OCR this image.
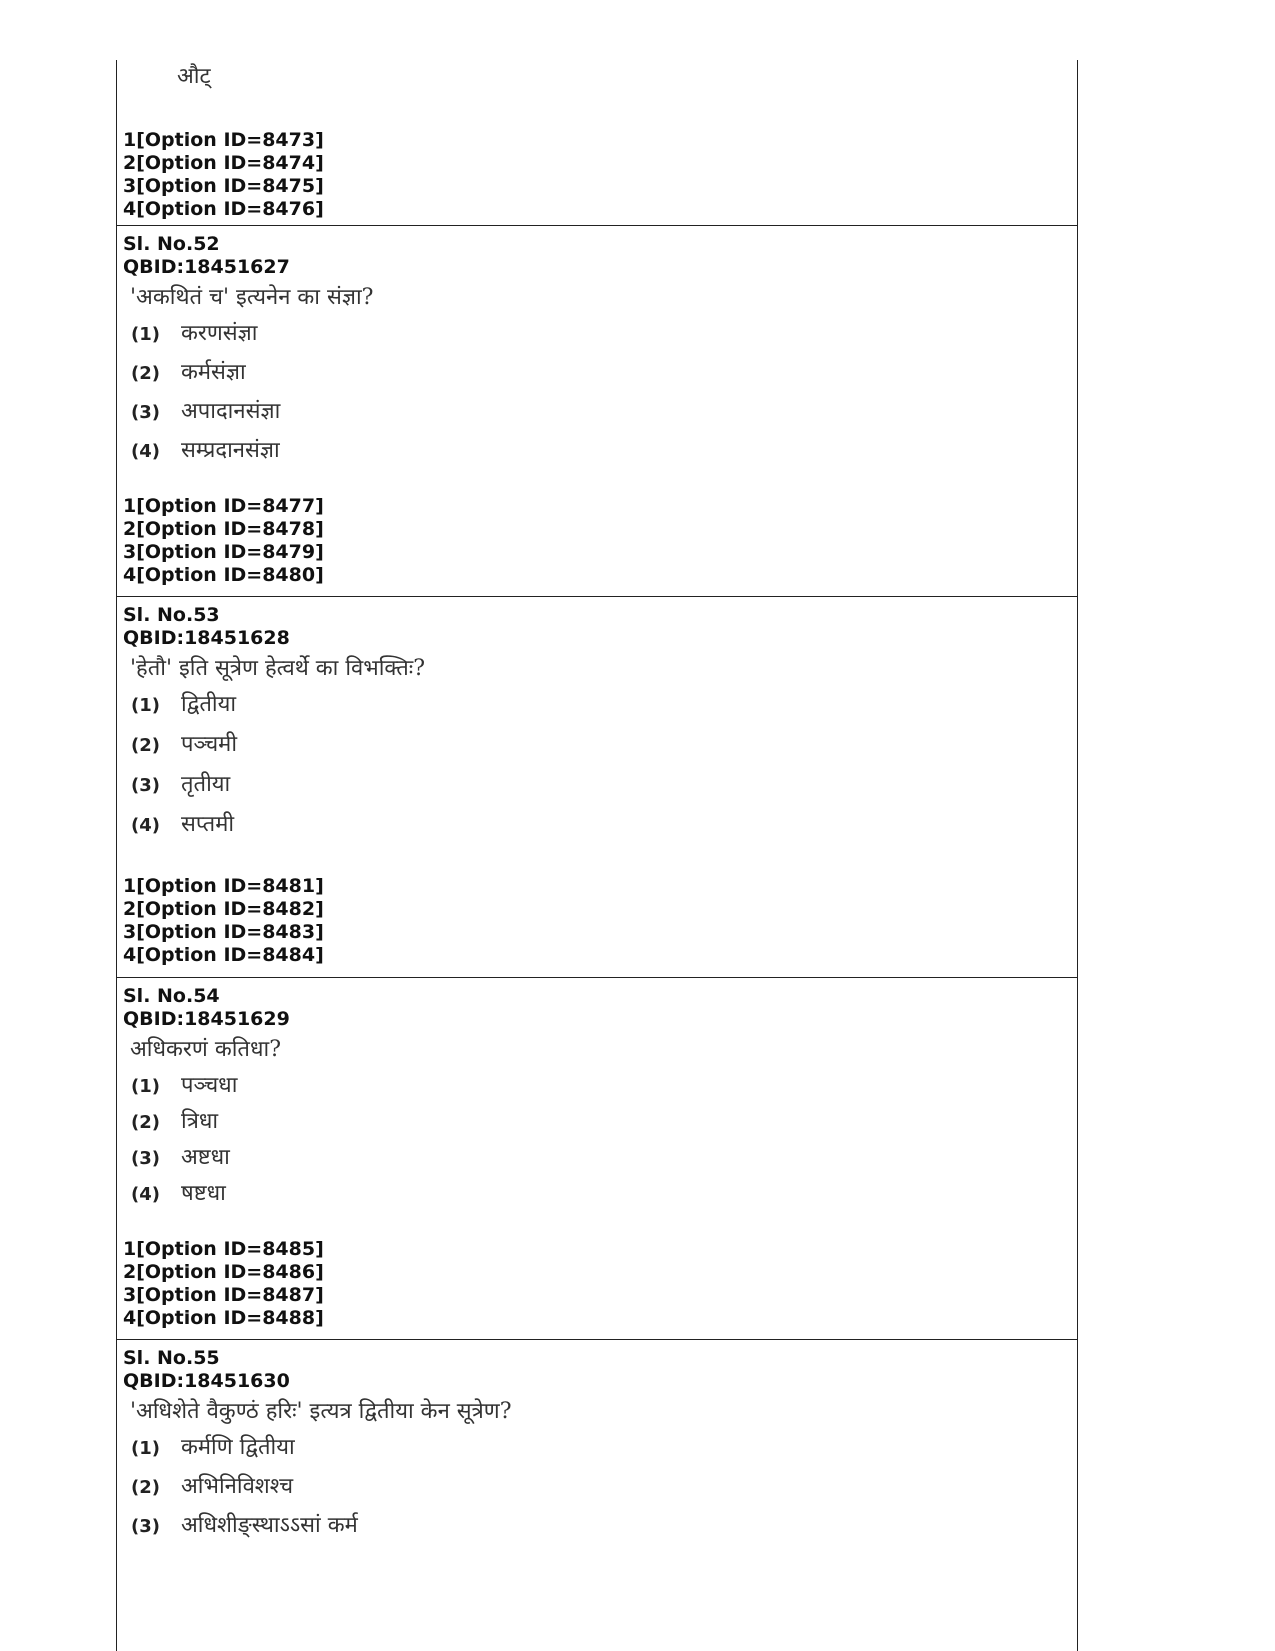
औट्
1[Option ID=8473]
2[Option ID=8474]
3[Option ID=8475]
4[Option ID=8476]
Sl. No.52
QBID:18451627
'अकथितं च' इत्यनेन का संज्ञा?
(1) करणसंज्ञा
(2) कर्मसंज्ञा
(3) अपादानसंज्ञा
(4) सम्प्रदानसंज्ञा
1[Option ID=8477]
2[Option ID=8478]
3[Option ID=8479]
4[Option ID=8480]
Sl. No.53
QBID:18451628
'हेतौ' इति सूत्रेण हेत्वर्थे का विभक्तिः?
(1) द्वितीया
(2) पञ्चमी
(3) तृतीया
(4) सप्तमी
1[Option ID=8481]
2[Option ID=8482]
3[Option ID=8483]
4[Option ID=8484]
Sl. No.54
QBID:18451629
अधिकरणं कतिधा?
(1) पञ्चधा
(2) त्रिधा
(3) अष्टधा
(4) षष्टधा
1[Option ID=8485]
2[Option ID=8486]
3[Option ID=8487]
4[Option ID=8488]
Sl. No.55
QBID:18451630
'अधिशेते वैकुण्ठं हरिः' इत्यत्र द्वितीया केन सूत्रेण?
(1) कर्मणि द्वितीया
(2) अभिनिविशश्च
(3) अधिशीङ्स्थाऽऽसां कर्म
